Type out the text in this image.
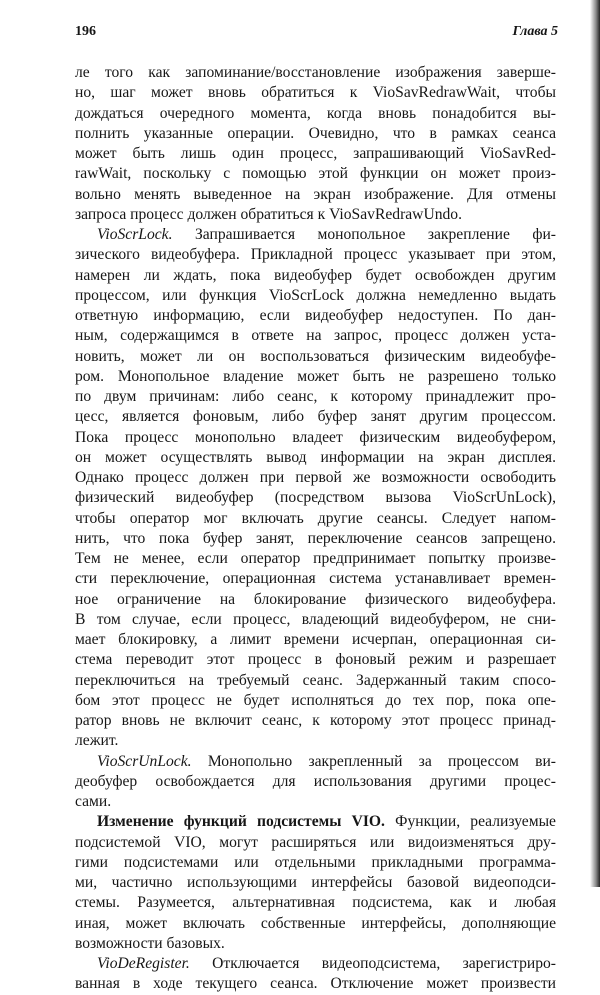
196	Глава 5
ле того как запоминание/восстановление изображения заверше-
но, шаг может вновь обратиться к VioSavRedrawWait, чтобы
дождаться очередного момента, когда вновь понадобится вы-
полнить указанные операции. Очевидно, что в рамках сеанса
может быть лишь один процесс, запрашивающий VioSavRed-
rawWait, поскольку с помощью этой функции он может произ-
вольно менять выведенное на экран изображение. Для отмены
запроса процесс должен обратиться к VioSavRedrawUndo.
VioScrLock. Запрашивается монопольное закрепление фи-
зического видеобуфера. Прикладной процесс указывает при этом,
намерен ли ждать, пока видеобуфер будет освобожден другим
процессом, или функция VioScrLock должна немедленно выдать
ответную информацию, если видеобуфер недоступен. По дан-
ным, содержащимся в ответе на запрос, процесс должен уста-
новить, может ли он воспользоваться физическим видеобуфе-
ром. Монопольное владение может быть не разрешено только
по двум причинам: либо сеанс, к которому принадлежит про-
цесс, является фоновым, либо буфер занят другим процессом.
Пока процесс монопольно владеет физическим видеобуфером,
он может осуществлять вывод информации на экран дисплея.
Однако процесс должен при первой же возможности освободить
физический видеобуфер (посредством вызова VioScrUnLock),
чтобы оператор мог включать другие сеансы. Следует напом-
нить, что пока буфер занят, переключение сеансов запрещено.
Тем не менее, если оператор предпринимает попытку произве-
сти переключение, операционная система устанавливает времен-
ное ограничение на блокирование физического видеобуфера.
В том случае, если процесс, владеющий видеобуфером, не сни-
мает блокировку, а лимит времени исчерпан, операционная си-
стема переводит этот процесс в фоновый режим и разрешает
переключиться на требуемый сеанс. Задержанный таким спосо-
бом этот процесс не будет исполняться до тех пор, пока опе-
ратор вновь не включит сеанс, к которому этот процесс принад-
лежит.
VioScrUnLock. Монопольно закрепленный за процессом ви-
деобуфер освобождается для использования другими процес-
сами.
Изменение функций подсистемы VIO. Функции, реализуемые
подсистемой VIO, могут расширяться или видоизменяться дру-
гими подсистемами или отдельными прикладными программа-
ми, частично использующими интерфейсы базовой видеоподси-
стемы. Разумеется, альтернативная подсистема, как и любая
иная, может включать собственные интерфейсы, дополняющие
возможности базовых.
VioDeRegister. Отключается видеоподсистема, зарегистриро-
ванная в ходе текущего сеанса. Отключение может произвести
